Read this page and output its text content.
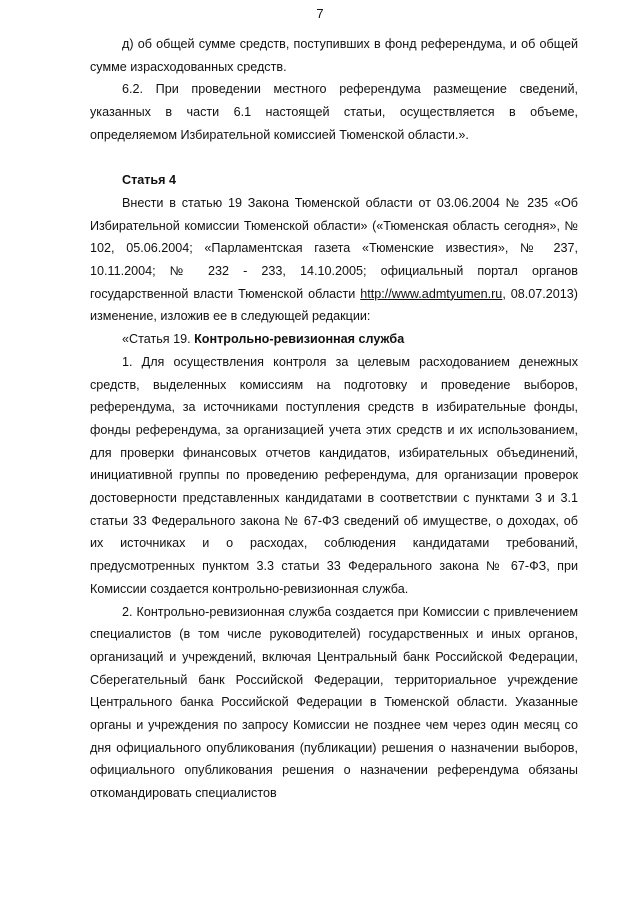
7

д) об общей сумме средств, поступивших в фонд референдума, и об общей сумме израсходованных средств.

6.2. При проведении местного референдума размещение сведений, указанных в части 6.1 настоящей статьи, осуществляется в объеме, определяемом Избирательной комиссией Тюменской области.».

Статья 4

Внести в статью 19 Закона Тюменской области от 03.06.2004 № 235 «Об Избирательной комиссии Тюменской области» («Тюменская область сегодня», № 102, 05.06.2004; «Парламентская газета «Тюменские известия», № 237, 10.11.2004; № 232 - 233, 14.10.2005; официальный портал органов государственной власти Тюменской области http://www.admtyumen.ru, 08.07.2013) изменение, изложив ее в следующей редакции:

«Статья 19. Контрольно-ревизионная служба

1. Для осуществления контроля за целевым расходованием денежных средств, выделенных комиссиям на подготовку и проведение выборов, референдума, за источниками поступления средств в избирательные фонды, фонды референдума, за организацией учета этих средств и их использованием, для проверки финансовых отчетов кандидатов, избирательных объединений, инициативной группы по проведению референдума, для организации проверок достоверности представленных кандидатами в соответствии с пунктами 3 и 3.1 статьи 33 Федерального закона № 67-ФЗ сведений об имуществе, о доходах, об их источниках и о расходах, соблюдения кандидатами требований, предусмотренных пунктом 3.3 статьи 33 Федерального закона № 67-ФЗ, при Комиссии создается контрольно-ревизионная служба.

2. Контрольно-ревизионная служба создается при Комиссии с привлечением специалистов (в том числе руководителей) государственных и иных органов, организаций и учреждений, включая Центральный банк Российской Федерации, Сберегательный банк Российской Федерации, территориальное учреждение Центрального банка Российской Федерации в Тюменской области. Указанные органы и учреждения по запросу Комиссии не позднее чем через один месяц со дня официального опубликования (публикации) решения о назначении выборов, официального опубликования решения о назначении референдума обязаны откомандировать специалистов
